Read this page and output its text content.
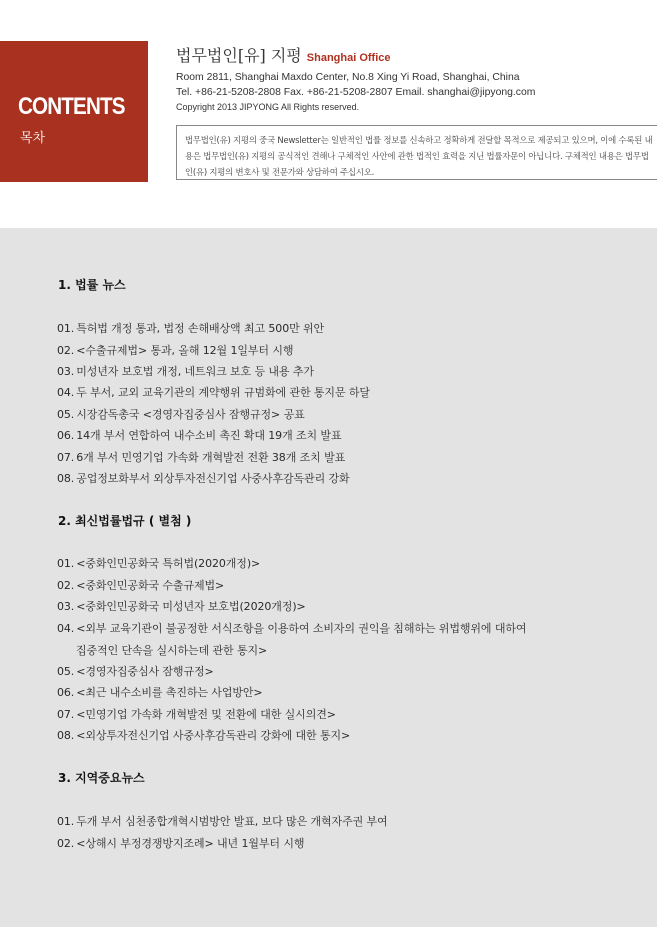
CONTENTS
목차
법무법인[유] 지평 Shanghai Office
Room 2811, Shanghai Maxdo Center, No.8 Xing Yi Road, Shanghai, China
Tel. +86-21-5208-2808 Fax. +86-21-5208-2807 Email. shanghai@jipyong.com
Copyright 2013 JIPYONG All Rights reserved.
법무법인(유) 지평의 중국 Newsletter는 일반적인 법률 정보를 신속하고 정확하게 전달할 목적으로 제공되고 있으며, 이에 수록된 내용은 법무법인(유) 지평의 공식적인 견해나 구체적인 사안에 관한 법적인 효력을 지닌 법률자문이 아닙니다. 구체적인 내용은 법무법인(유) 지평의 변호사 및 전문가와 상담하여 주십시오.
1. 법률 뉴스
01. 특허법 개정 통과, 법정 손해배상액 최고 500만 위안
02. <수출규제법> 통과, 올해 12월 1일부터 시행
03. 미성년자 보호법 개정, 네트워크 보호 등 내용 추가
04. 두 부서, 교외 교육기관의 계약행위 규범화에 관한 통지문 하달
05. 시장감독총국 <경영자집중심사 잠행규정> 공표
06. 14개 부서 연합하여 내수소비 촉진 확대 19개 조치 발표
07. 6개 부서 민영기업 가속화 개혁발전 전환 38개 조치 발표
08. 공업정보화부서 외상투자전신기업 사중사후감독관리 강화
2. 최신법률법규 ( 별첨 )
01. <중화인민공화국 특허법(2020개정)>
02. <중화인민공화국 수출규제법>
03. <중화인민공화국 미성년자 보호법(2020개정)>
04. <외부 교육기관이 불공정한 서식조항을 이용하여 소비자의 권익을 침해하는 위법행위에 대하여
집중적인 단속을 실시하는데 관한 통지>
05. <경영자집중심사 잠행규정>
06. <최근 내수소비를 촉진하는 사업방안>
07. <민영기업 가속화 개혁발전 및 전환에 대한 실시의견>
08. <외상투자전신기업 사중사후감독관리 강화에 대한 통지>
3. 지역중요뉴스
01. 두개 부서 심천종합개혁시범방안 발표, 보다 많은 개혁자주권 부여
02. <상해시 부정경쟁방지조례> 내년 1월부터 시행
